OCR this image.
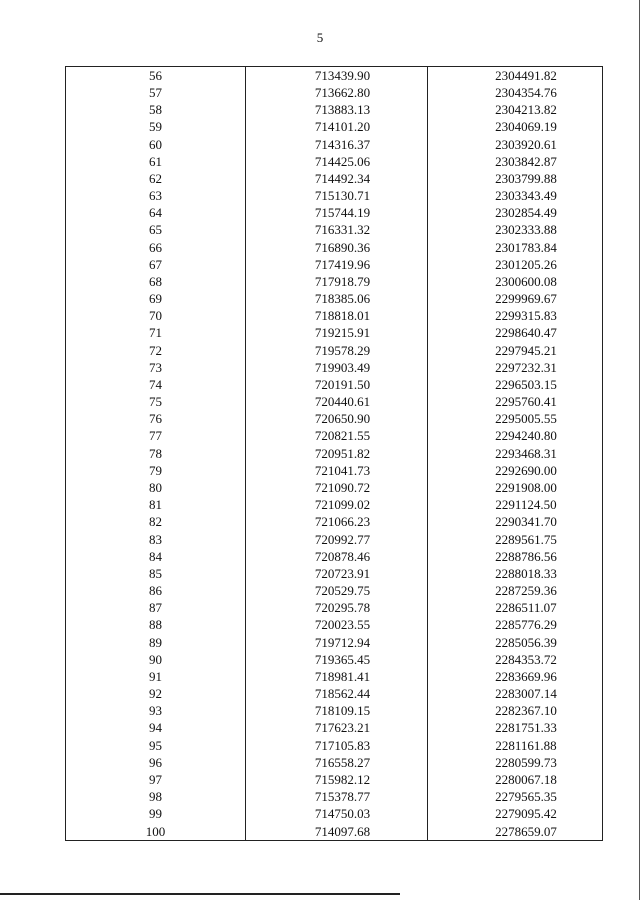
5
56	713439.90	2304491.82
57	713662.80	2304354.76
58	713883.13	2304213.82
59	714101.20	2304069.19
60	714316.37	2303920.61
61	714425.06	2303842.87
62	714492.34	2303799.88
63	715130.71	2303343.49
64	715744.19	2302854.49
65	716331.32	2302333.88
66	716890.36	2301783.84
67	717419.96	2301205.26
68	717918.79	2300600.08
69	718385.06	2299969.67
70	718818.01	2299315.83
71	719215.91	2298640.47
72	719578.29	2297945.21
73	719903.49	2297232.31
74	720191.50	2296503.15
75	720440.61	2295760.41
76	720650.90	2295005.55
77	720821.55	2294240.80
78	720951.82	2293468.31
79	721041.73	2292690.00
80	721090.72	2291908.00
81	721099.02	2291124.50
82	721066.23	2290341.70
83	720992.77	2289561.75
84	720878.46	2288786.56
85	720723.91	2288018.33
86	720529.75	2287259.36
87	720295.78	2286511.07
88	720023.55	2285776.29
89	719712.94	2285056.39
90	719365.45	2284353.72
91	718981.41	2283669.96
92	718562.44	2283007.14
93	718109.15	2282367.10
94	717623.21	2281751.33
95	717105.83	2281161.88
96	716558.27	2280599.73
97	715982.12	2280067.18
98	715378.77	2279565.35
99	714750.03	2279095.42
100	714097.68	2278659.07
